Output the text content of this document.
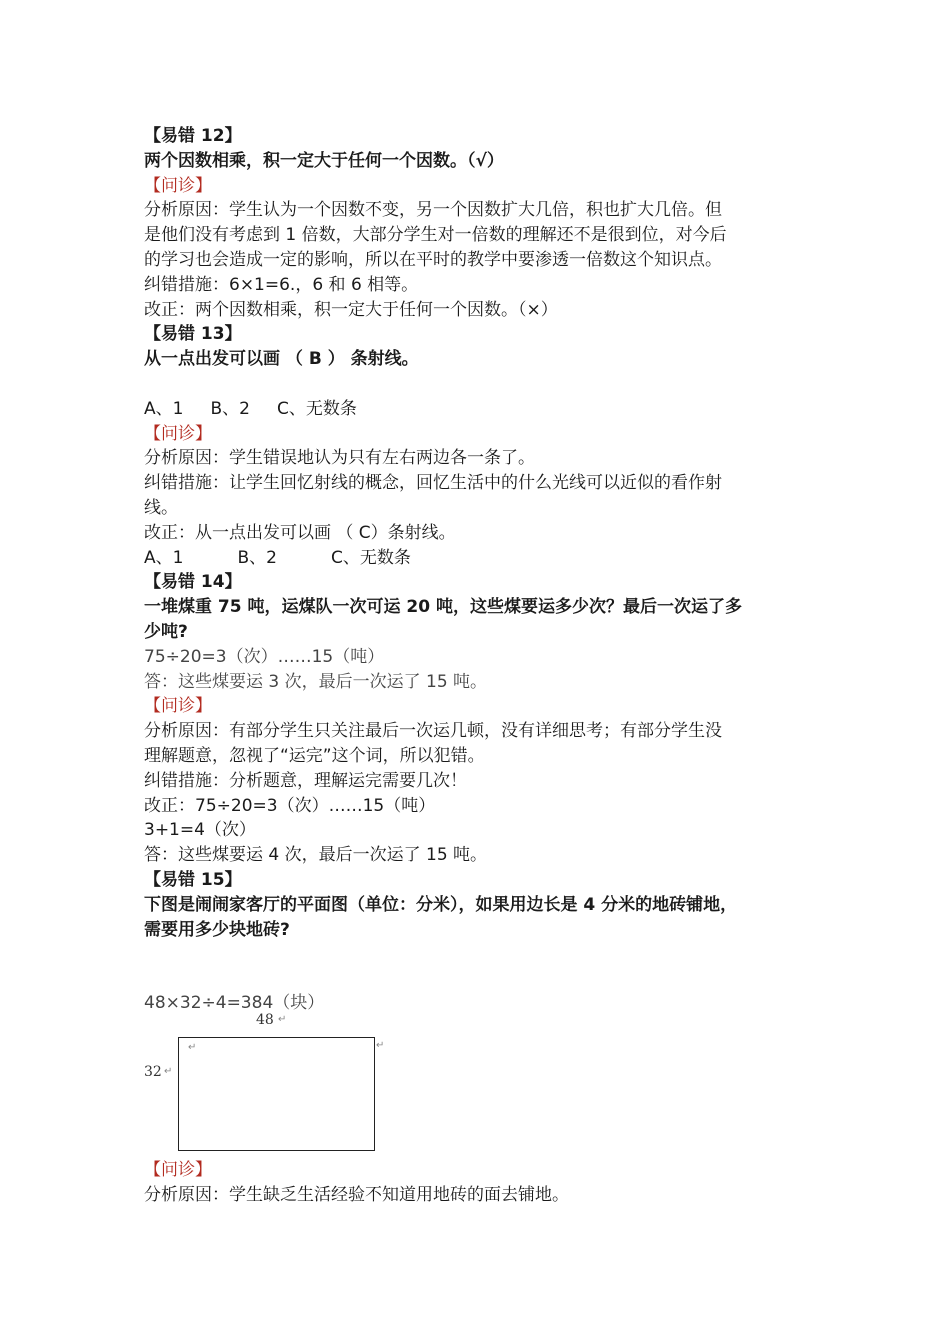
【易错 12】
两个因数相乘，积一定大于任何一个因数。（√）
【问诊】
分析原因：学生认为一个因数不变，另一个因数扩大几倍，积也扩大几倍。但
是他们没有考虑到 1 倍数，大部分学生对一倍数的理解还不是很到位，对今后
的学习也会造成一定的影响，所以在平时的教学中要渗透一倍数这个知识点。
纠错措施：6×1=6.，6 和 6 相等。
改正：两个因数相乘，积一定大于任何一个因数。（×）
【易错 13】
从一点出发可以画 （ B ） 条射线。
A、1     B、2     C、无数条
【问诊】
分析原因：学生错误地认为只有左右两边各一条了。
纠错措施：让学生回忆射线的概念，回忆生活中的什么光线可以近似的看作射
线。
改正：从一点出发可以画 （ C）条射线。
A、1          B、2          C、无数条
【易错 14】
一堆煤重 75 吨，运煤队一次可运 20 吨，这些煤要运多少次？最后一次运了多
少吨?
75÷20=3（次）……15（吨）
答：这些煤要运 3 次，最后一次运了 15 吨。
【问诊】
分析原因：有部分学生只关注最后一次运几顿，没有详细思考；有部分学生没
理解题意，忽视了“运完”这个词，所以犯错。
纠错措施：分析题意，理解运完需要几次！
改正：75÷20=3（次）……15（吨）
3+1=4（次）
答：这些煤要运 4 次，最后一次运了 15 吨。
【易错 15】
下图是闹闹家客厅的平面图（单位：分米），如果用边长是 4 分米的地砖铺地，
需要用多少块地砖?
48×32÷4=384（块）
48 ↵
32 ↵
↵	↵
【问诊】
分析原因：学生缺乏生活经验不知道用地砖的面去铺地。
